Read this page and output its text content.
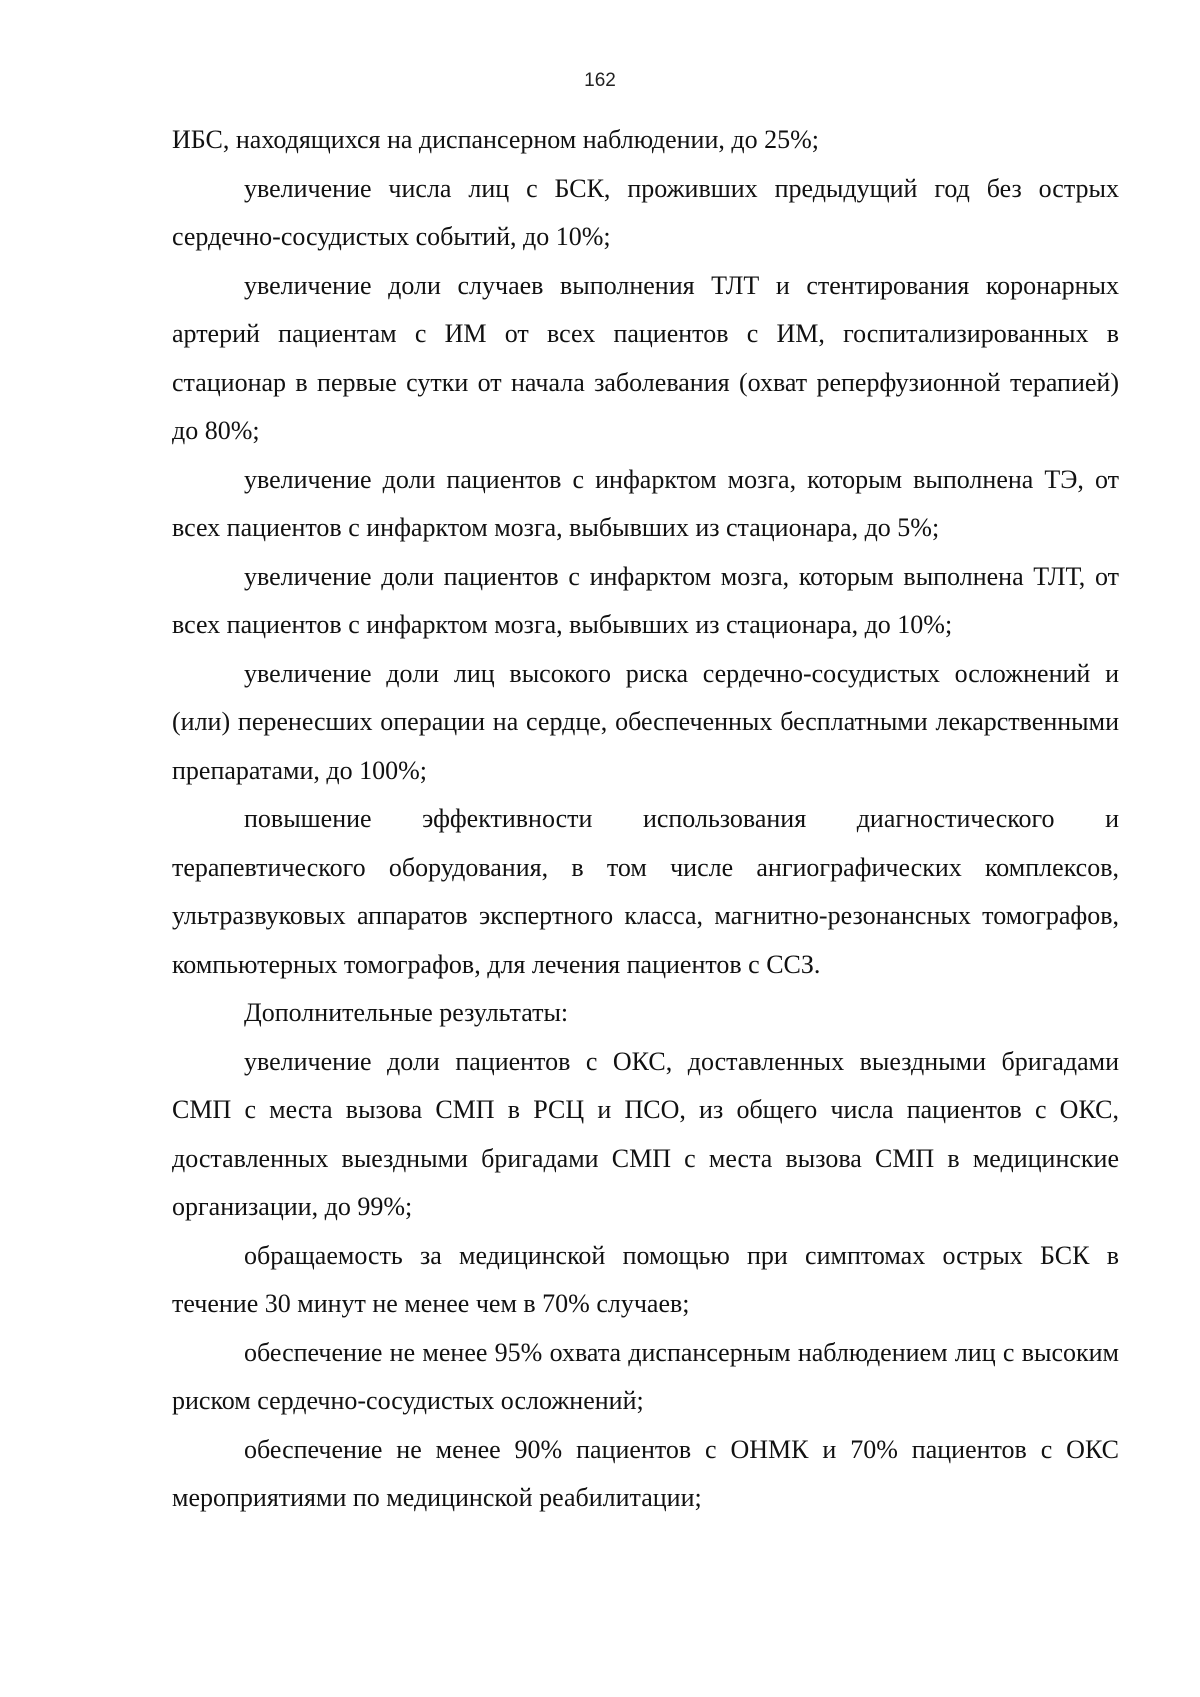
162

ИБС, находящихся на диспансерном наблюдении, до 25%;

увеличение числа лиц с БСК, проживших предыдущий год без острых сердечно-сосудистых событий, до 10%;

увеличение доли случаев выполнения ТЛТ и стентирования коронарных артерий пациентам с ИМ от всех пациентов с ИМ, госпитализированных в стационар в первые сутки от начала заболевания (охват реперфузионной терапией) до 80%;

увеличение доли пациентов с инфарктом мозга, которым выполнена ТЭ, от всех пациентов с инфарктом мозга, выбывших из стационара, до 5%;

увеличение доли пациентов с инфарктом мозга, которым выполнена ТЛТ, от всех пациентов с инфарктом мозга, выбывших из стационара, до 10%;

увеличение доли лиц высокого риска сердечно-сосудистых осложнений и (или) перенесших операции на сердце, обеспеченных бесплатными лекарственными препаратами, до 100%;

повышение эффективности использования диагностического и терапевтического оборудования, в том числе ангиографических комплексов, ультразвуковых аппаратов экспертного класса, магнитно-резонансных томографов, компьютерных томографов, для лечения пациентов с ССЗ.

Дополнительные результаты:

увеличение доли пациентов с ОКС, доставленных выездными бригадами СМП с места вызова СМП в РСЦ и ПСО, из общего числа пациентов с ОКС, доставленных выездными бригадами СМП с места вызова СМП в медицинские организации, до 99%;

обращаемость за медицинской помощью при симптомах острых БСК в течение 30 минут не менее чем в 70% случаев;

обеспечение не менее 95% охвата диспансерным наблюдением лиц с высоким риском сердечно-сосудистых осложнений;

обеспечение не менее 90% пациентов с ОНМК и 70% пациентов с ОКС мероприятиями по медицинской реабилитации;
